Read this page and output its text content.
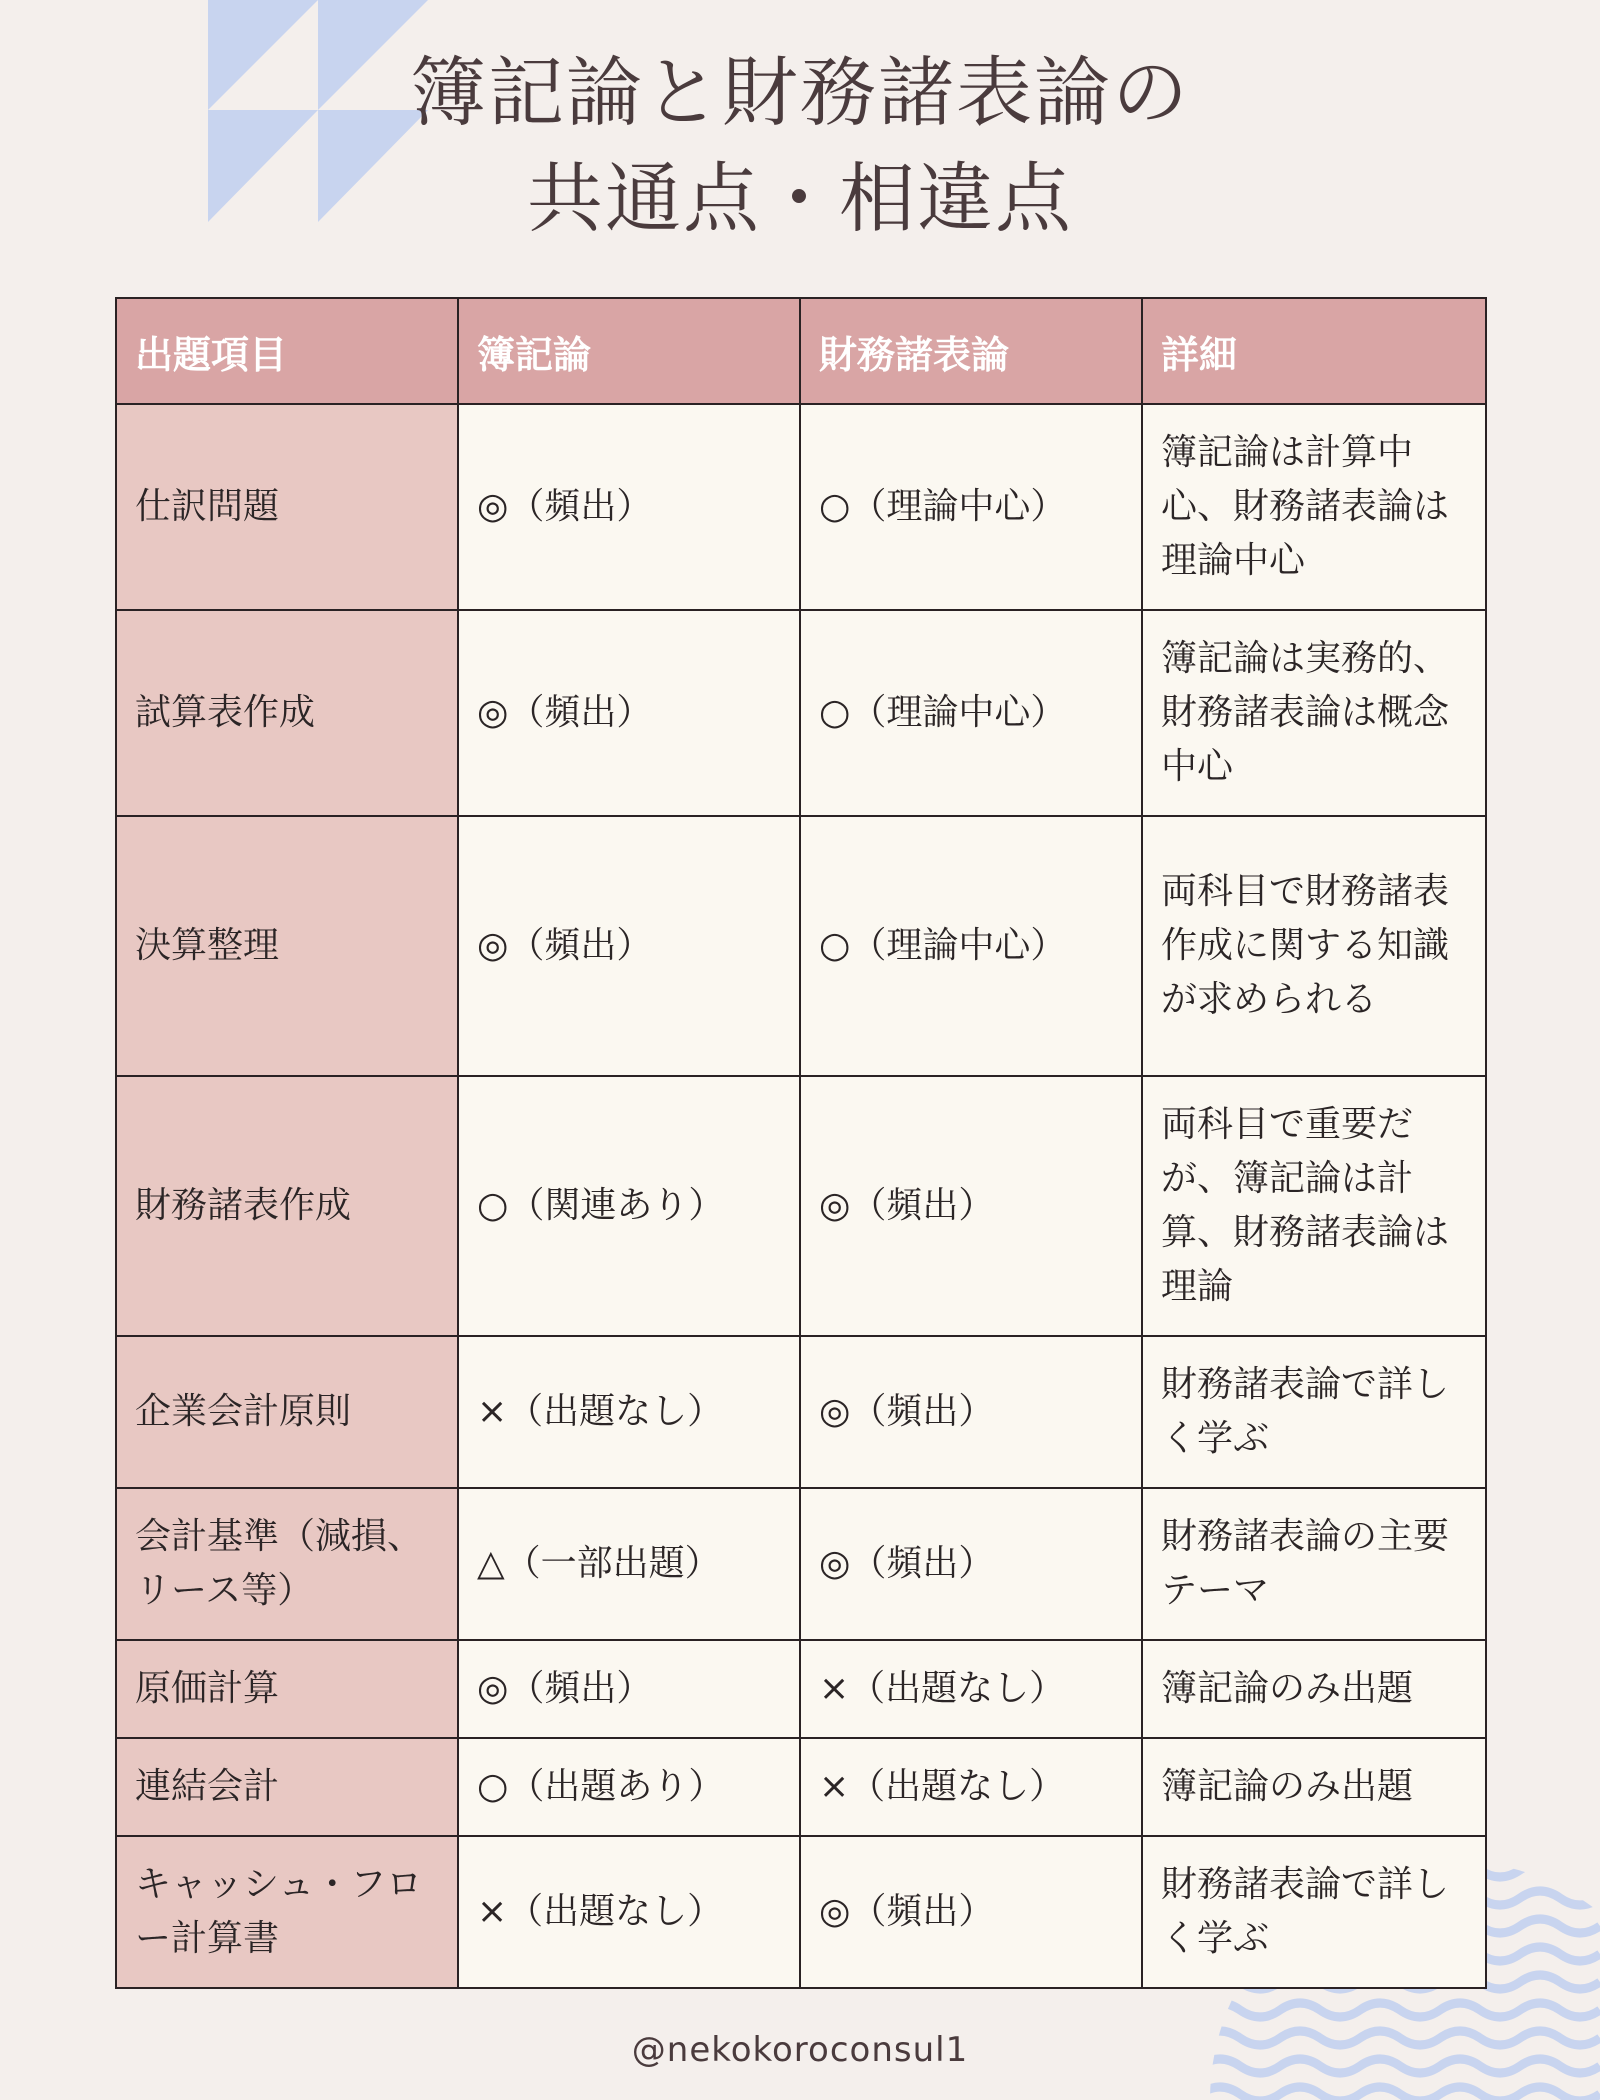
簿記論と財務諸表論の
共通点・相違点
出題項目	簿記論	財務諸表論	詳細
仕訳問題	◎（頻出）	○（理論中心）	簿記論は計算中心、財務諸表論は理論中心
試算表作成	◎（頻出）	○（理論中心）	簿記論は実務的、財務諸表論は概念中心
決算整理	◎（頻出）	○（理論中心）	両科目で財務諸表作成に関する知識が求められる
財務諸表作成	○（関連あり）	◎（頻出）	両科目で重要だが、簿記論は計算、財務諸表論は理論
企業会計原則	×（出題なし）	◎（頻出）	財務諸表論で詳しく学ぶ
会計基準（減損、リース等）	△（一部出題）	◎（頻出）	財務諸表論の主要テーマ
原価計算	◎（頻出）	×（出題なし）	簿記論のみ出題
連結会計	○（出題あり）	×（出題なし）	簿記論のみ出題
キャッシュ・フロー計算書	×（出題なし）	◎（頻出）	財務諸表論で詳しく学ぶ
@nekokoroconsul1
